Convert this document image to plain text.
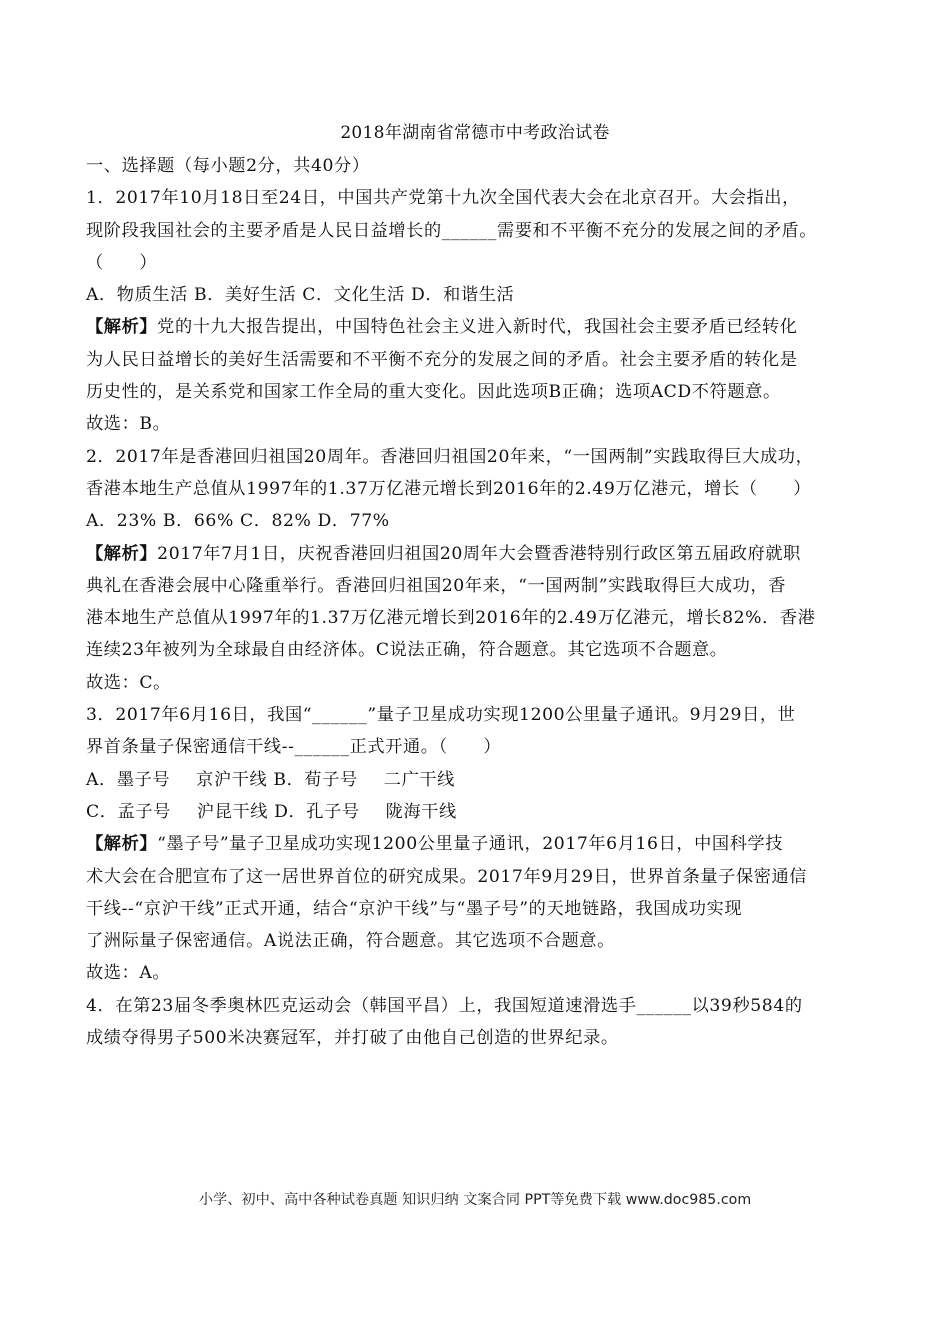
2018年湖南省常德市中考政治试卷
一、选择题（每小题2分，共40分）
1．2017年10月18日至24日，中国共产党第十九次全国代表大会在北京召开。大会指出，
现阶段我国社会的主要矛盾是人民日益增长的______需要和不平衡不充分的发展之间的矛盾。
（　　）
A．物质生活 B．美好生活 C．文化生活 D．和谐生活
【解析】党的十九大报告提出，中国特色社会主义进入新时代，我国社会主要矛盾已经转化
为人民日益增长的美好生活需要和不平衡不充分的发展之间的矛盾。社会主要矛盾的转化是
历史性的，是关系党和国家工作全局的重大变化。因此选项B正确；选项ACD不符题意。
故选：B。
2．2017年是香港回归祖国20周年。香港回归祖国20年来，“一国两制”实践取得巨大成功，
香港本地生产总值从1997年的1.37万亿港元增长到2016年的2.49万亿港元，增长（　　）
A．23% B．66% C．82% D．77%
【解析】2017年7月1日，庆祝香港回归祖国20周年大会暨香港特别行政区第五届政府就职
典礼在香港会展中心隆重举行。香港回归祖国20年来，“一国两制”实践取得巨大成功，香
港本地生产总值从1997年的1.37万亿港元增长到2016年的2.49万亿港元，增长82%．香港
连续23年被列为全球最自由经济体。C说法正确，符合题意。其它选项不合题意。
故选：C。
3．2017年6月16日，我国“______”量子卫星成功实现1200公里量子通讯。9月29日，世
界首条量子保密通信干线--______正式开通。（　　）
A．墨子号 京沪干线 B．荀子号 二广干线
C．孟子号 沪昆干线 D．孔子号 陇海干线
【解析】“墨子号”量子卫星成功实现1200公里量子通讯，2017年6月16日，中国科学技
术大会在合肥宣布了这一居世界首位的研究成果。2017年9月29日，世界首条量子保密通信
干线--“京沪干线”正式开通，结合“京沪干线”与“墨子号”的天地链路，我国成功实现
了洲际量子保密通信。A说法正确，符合题意。其它选项不合题意。
故选：A。
4．在第23届冬季奥林匹克运动会（韩国平昌）上，我国短道速滑选手______以39秒584的
成绩夺得男子500米决赛冠军，并打破了由他自己创造的世界纪录。
小学、初中、高中各种试卷真题 知识归纳 文案合同 PPT等免费下载 www.doc985.com
